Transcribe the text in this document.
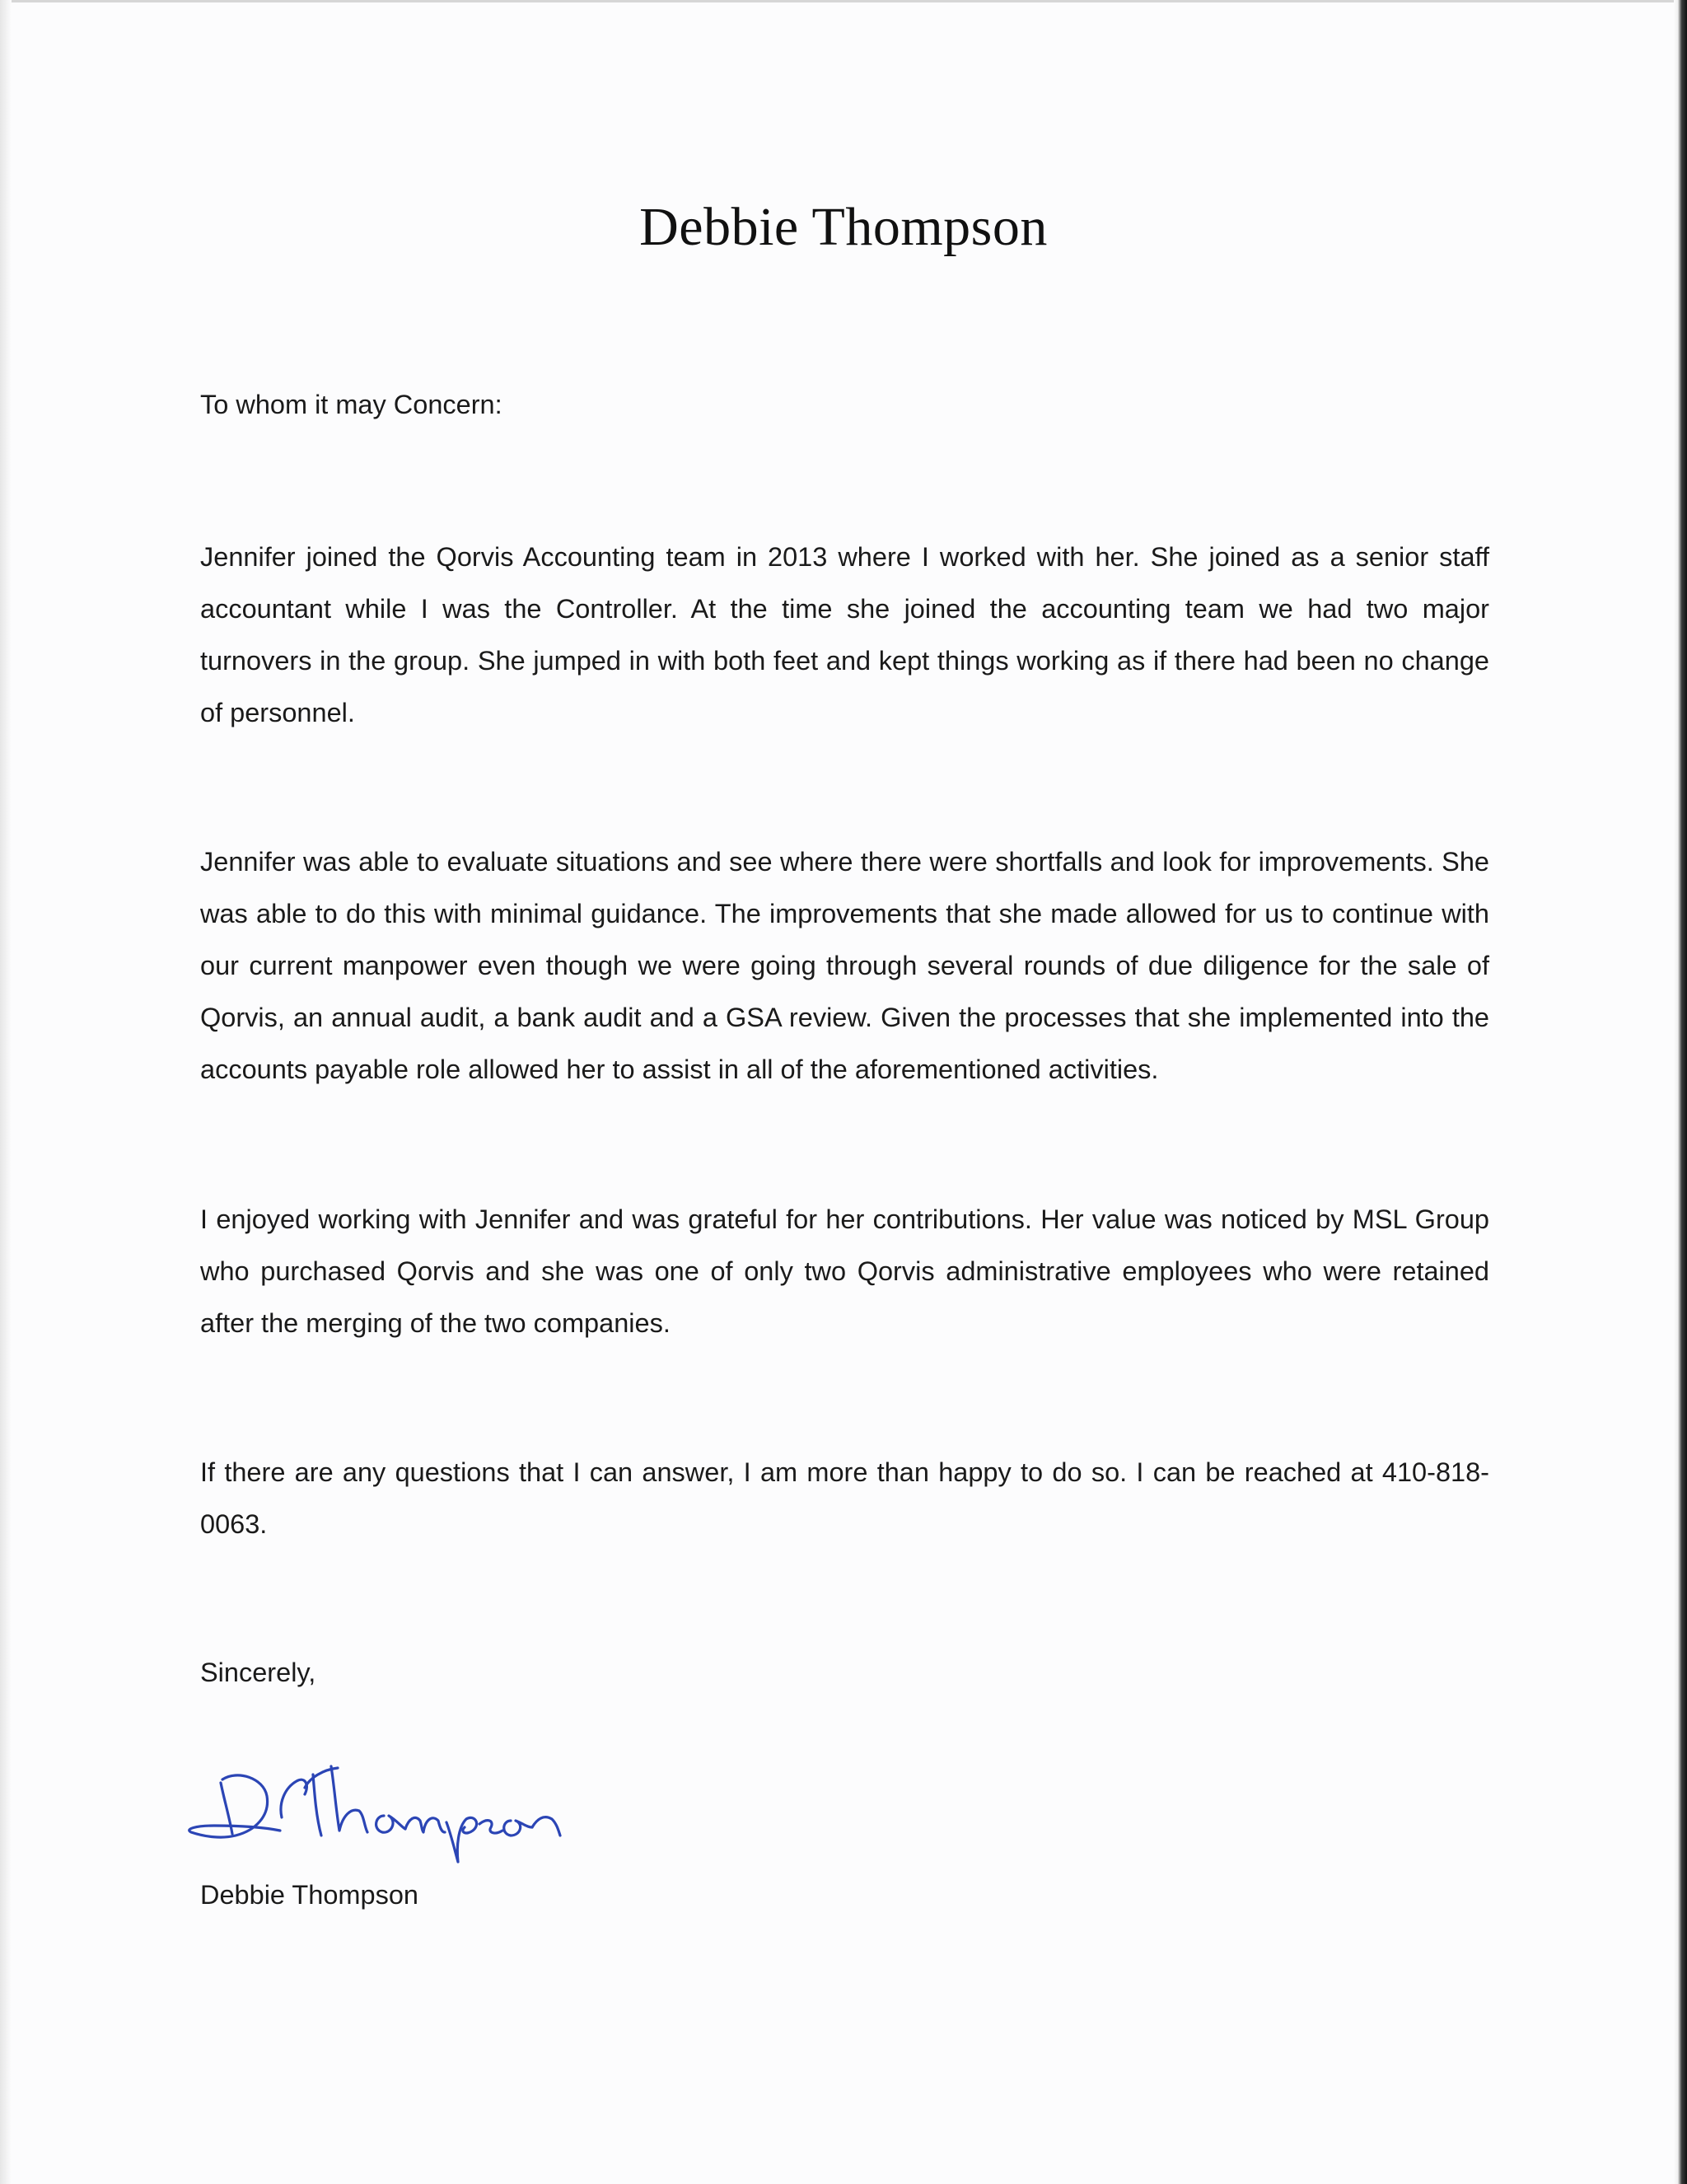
Debbie Thompson

To whom it may Concern:

Jennifer joined the Qorvis Accounting team in 2013 where I worked with her. She joined as a senior staff accountant while I was the Controller. At the time she joined the accounting team we had two major turnovers in the group. She jumped in with both feet and kept things working as if there had been no change of personnel.

Jennifer was able to evaluate situations and see where there were shortfalls and look for improvements. She was able to do this with minimal guidance. The improvements that she made allowed for us to continue with our current manpower even though we were going through several rounds of due diligence for the sale of Qorvis, an annual audit, a bank audit and a GSA review. Given the processes that she implemented into the accounts payable role allowed her to assist in all of the aforementioned activities.

I enjoyed working with Jennifer and was grateful for her contributions. Her value was noticed by MSL Group who purchased Qorvis and she was one of only two Qorvis administrative employees who were retained after the merging of the two companies.

If there are any questions that I can answer, I am more than happy to do so. I can be reached at 410-818-0063.

Sincerely,

Debbie Thompson
